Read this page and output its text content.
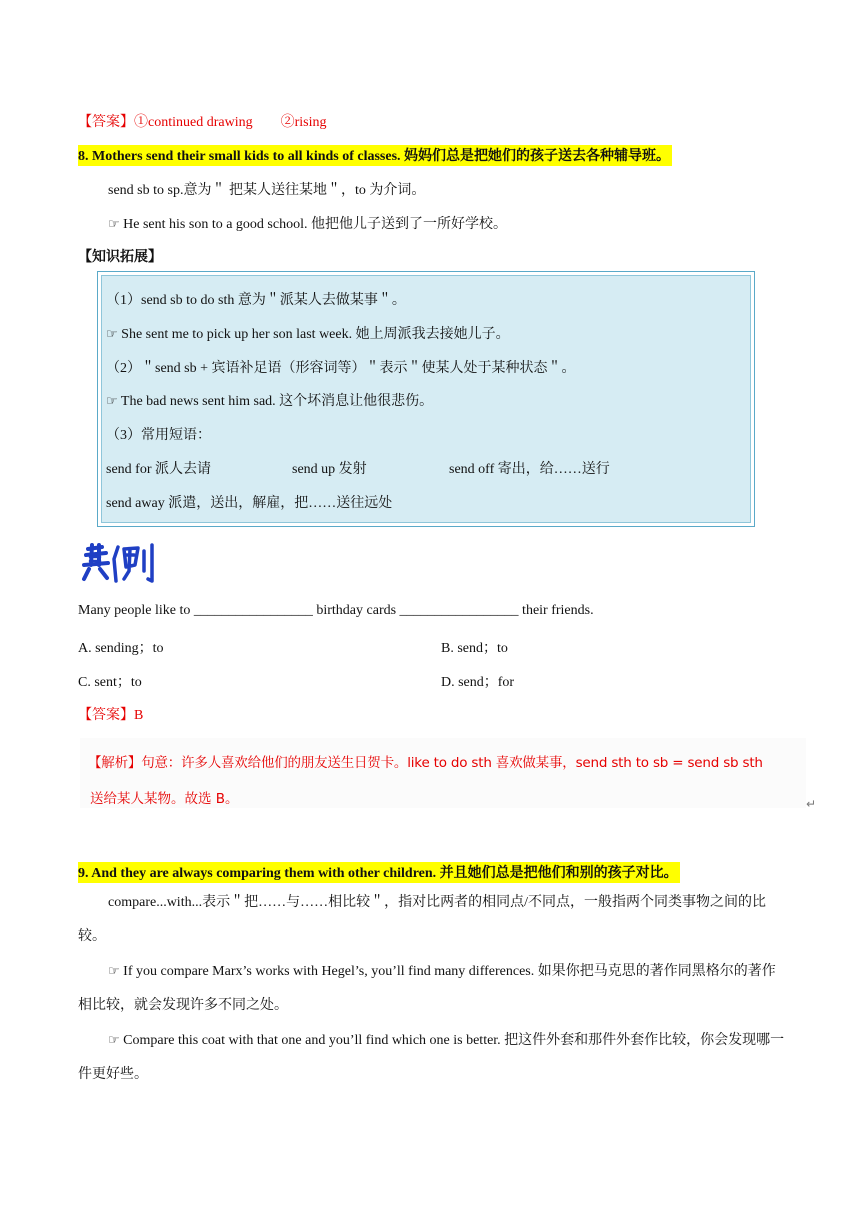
【答案】①continued drawing　　②rising
8. Mothers send their small kids to all kinds of classes. 妈妈们总是把她们的孩子送去各种辅导班。
send sb to sp.意为＂ 把某人送往某地＂，to 为介词。
☞ He sent his son to a good school. 他把他儿子送到了一所好学校。
【知识拓展】
（1）send sb to do sth 意为＂派某人去做某事＂。
☞ She sent me to pick up her son last week. 她上周派我去接她儿子。
（2）＂send sb + 宾语补足语（形容词等）＂表示＂使某人处于某种状态＂。
☞ The bad news sent him sad. 这个坏消息让他很悲伤。
（3）常用短语：
send for 派人去请	send up 发射	send off 寄出，给……送行
send away 派遣，送出，解雇，把……送往远处
Many people like to _________________ birthday cards _________________ their friends.
A. sending；to	B. send；to
C. sent；to	D. send；for
【答案】B
【解析】句意：许多人喜欢给他们的朋友送生日贺卡。like to do sth 喜欢做某事，send sth to sb = send sb sth
送给某人某物。故选 B。	↵
9. And they are always comparing them with other children. 并且她们总是把他们和别的孩子对比。
compare...with...表示＂把……与……相比较＂，指对比两者的相同点/不同点，一般指两个同类事物之间的比较。
☞ If you compare Marx’s works with Hegel’s, you’ll find many differences. 如果你把马克思的著作同黑格尔的著作相比较，就会发现许多不同之处。
☞ Compare this coat with that one and you’ll find which one is better. 把这件外套和那件外套作比较，你会发现哪一件更好些。
